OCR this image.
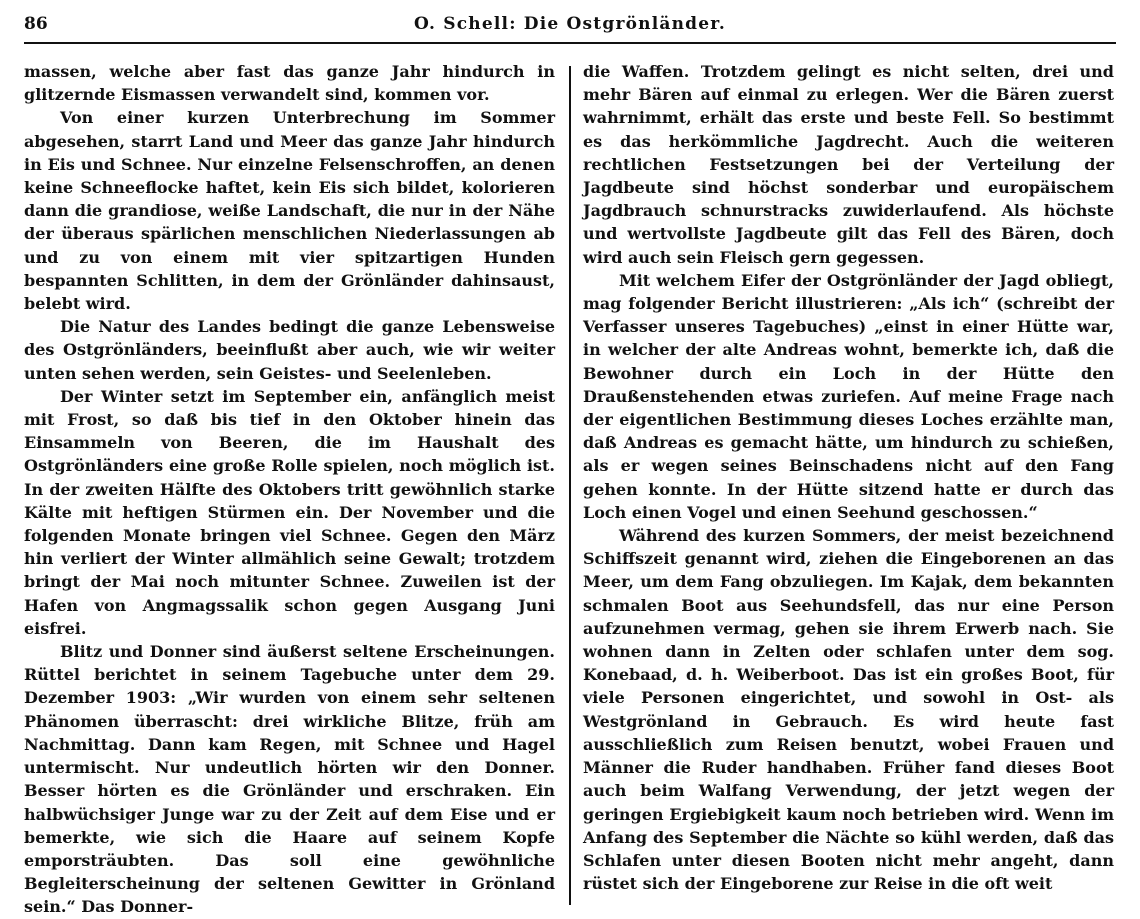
86	O. Schell: Die Ostgrönländer.

massen, welche aber fast das ganze Jahr hindurch in glitzernde Eismassen verwandelt sind, kommen vor.

Von einer kurzen Unterbrechung im Sommer abgesehen, starrt Land und Meer das ganze Jahr hindurch in Eis und Schnee. Nur einzelne Felsenschroffen, an denen keine Schneeflocke haftet, kein Eis sich bildet, kolorieren dann die grandiose, weiße Landschaft, die nur in der Nähe der überaus spärlichen menschlichen Niederlassungen ab und zu von einem mit vier spitzartigen Hunden bespannten Schlitten, in dem der Grönländer dahinsaust, belebt wird.

Die Natur des Landes bedingt die ganze Lebensweise des Ostgrönländers, beeinflußt aber auch, wie wir weiter unten sehen werden, sein Geistes- und Seelenleben.

Der Winter setzt im September ein, anfänglich meist mit Frost, so daß bis tief in den Oktober hinein das Einsammeln von Beeren, die im Haushalt des Ostgrönländers eine große Rolle spielen, noch möglich ist. In der zweiten Hälfte des Oktobers tritt gewöhnlich starke Kälte mit heftigen Stürmen ein. Der November und die folgenden Monate bringen viel Schnee. Gegen den März hin verliert der Winter allmählich seine Gewalt; trotzdem bringt der Mai noch mitunter Schnee. Zuweilen ist der Hafen von Angmagssalik schon gegen Ausgang Juni eisfrei.

Blitz und Donner sind äußerst seltene Erscheinungen. Rüttel berichtet in seinem Tagebuche unter dem 29. Dezember 1903: „Wir wurden von einem sehr seltenen Phänomen überrascht: drei wirkliche Blitze, früh am Nachmittag. Dann kam Regen, mit Schnee und Hagel untermischt. Nur undeutlich hörten wir den Donner. Besser hörten es die Grönländer und erschraken. Ein halbwüchsiger Junge war zu der Zeit auf dem Eise und er bemerkte, wie sich die Haare auf seinem Kopfe emporsträubten. Das soll eine gewöhnliche Begleiterscheinung der seltenen Gewitter in Grönland sein.“ Das Donner-

die Waffen. Trotzdem gelingt es nicht selten, drei und mehr Bären auf einmal zu erlegen. Wer die Bären zuerst wahrnimmt, erhält das erste und beste Fell. So bestimmt es das herkömmliche Jagdrecht. Auch die weiteren rechtlichen Festsetzungen bei der Verteilung der Jagdbeute sind höchst sonderbar und europäischem Jagdbrauch schnurstracks zuwiderlaufend. Als höchste und wertvollste Jagdbeute gilt das Fell des Bären, doch wird auch sein Fleisch gern gegessen.

Mit welchem Eifer der Ostgrönländer der Jagd obliegt, mag folgender Bericht illustrieren: „Als ich“ (schreibt der Verfasser unseres Tagebuches) „einst in einer Hütte war, in welcher der alte Andreas wohnt, bemerkte ich, daß die Bewohner durch ein Loch in der Hütte den Draußenstehenden etwas zuriefen. Auf meine Frage nach der eigentlichen Bestimmung dieses Loches erzählte man, daß Andreas es gemacht hätte, um hindurch zu schießen, als er wegen seines Beinschadens nicht auf den Fang gehen konnte. In der Hütte sitzend hatte er durch das Loch einen Vogel und einen Seehund geschossen.“

Während des kurzen Sommers, der meist bezeichnend Schiffszeit genannt wird, ziehen die Eingeborenen an das Meer, um dem Fang obzuliegen. Im Kajak, dem bekannten schmalen Boot aus Seehundsfell, das nur eine Person aufzunehmen vermag, gehen sie ihrem Erwerb nach. Sie wohnen dann in Zelten oder schlafen unter dem sog. Konebaad, d. h. Weiberboot. Das ist ein großes Boot, für viele Personen eingerichtet, und sowohl in Ost- als Westgrönland in Gebrauch. Es wird heute fast ausschließlich zum Reisen benutzt, wobei Frauen und Männer die Ruder handhaben. Früher fand dieses Boot auch beim Walfang Verwendung, der jetzt wegen der geringen Ergiebigkeit kaum noch betrieben wird. Wenn im Anfang des September die Nächte so kühl werden, daß das Schlafen unter diesen Booten nicht mehr angeht, dann rüstet sich der Eingeborene zur Reise in die oft weit
